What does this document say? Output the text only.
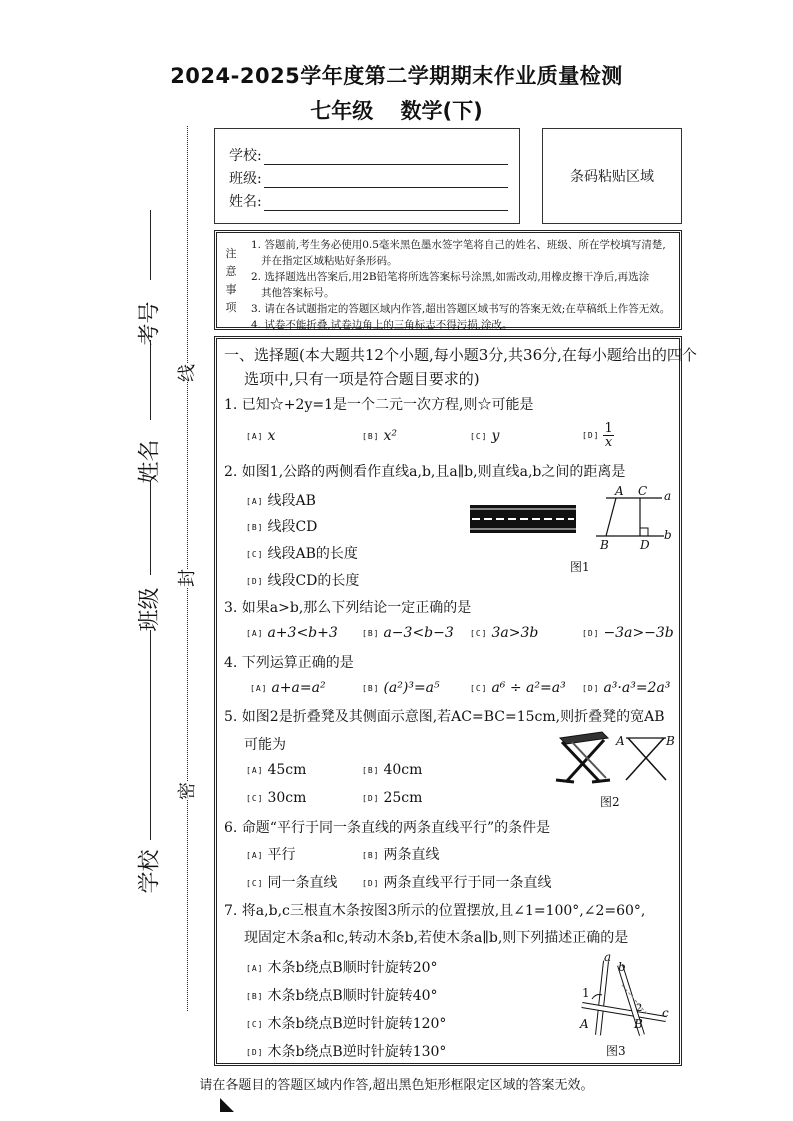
2024-2025学年度第二学期期末作业质量检测
七年级 数学(下)
学校:
班级:
姓名:
条码粘贴区域
注
意
事
项
1. 答题前,考生务必使用0.5毫米黑色墨水签字笔将自己的姓名、班级、所在学校填写清楚,
并在指定区域粘贴好条形码。
2. 选择题选出答案后,用2B铅笔将所选答案标号涂黑,如需改动,用橡皮擦干净后,再选涂
其他答案标号。
3. 请在各试题指定的答题区域内作答,超出答题区域书写的答案无效;在草稿纸上作答无效。
4. 试卷不能折叠,试卷边角上的三角标志不得污损,涂改。
线
封
密
考号
姓名
班级
学校
一、选择题(本大题共12个小题,每小题3分,共36分,在每小题给出的四个
选项中,只有一项是符合题目要求的)
1. 已知☆+2y=1是一个二元一次方程,则☆可能是
[A] x	[B] x²	[C] y	$[D] \frac{1}{x}$
2. 如图1,公路的两侧看作直线a,b,且a∥b,则直线a,b之间的距离是
[A] 线段AB
[B] 线段CD
[C] 线段AB的长度
[D] 线段CD的长度
A C a
b
B	D
图1
3. 如果a>b,那么下列结论一定正确的是
[A] a+3<b+3	[B] a−3<b−3 [C] 3a>3b	[D] −3a>−3b
4. 下列运算正确的是
[A] a+a=a²	[B] (a²)³=a⁵	[C] a⁶ ÷ a²=a³ [D] a³·a³=2a³
5. 如图2是折叠凳及其侧面示意图,若AC=BC=15cm,则折叠凳的宽AB
可能为
[A] 45cm	[B] 40cm
[C] 30cm	[D] 25cm
A	B
图2
6. 命题“平行于同一条直线的两条直线平行”的条件是
[A] 平行	[B] 两条直线
[C] 同一条直线	[D] 两条直线平行于同一条直线
7. 将a,b,c三根直木条按图3所示的位置摆放,且∠1=100°,∠2=60°,
现固定木条a和c,转动木条b,若使木条a∥b,则下列描述正确的是
[A] 木条b绕点B顺时针旋转20°
[B] 木条b绕点B顺时针旋转40°
[C] 木条b绕点B逆时针旋转120°
[D] 木条b绕点B逆时针旋转130°
a
b
c
1
2
A	B
图3
请在各题目的答题区域内作答,超出黑色矩形框限定区域的答案无效。
